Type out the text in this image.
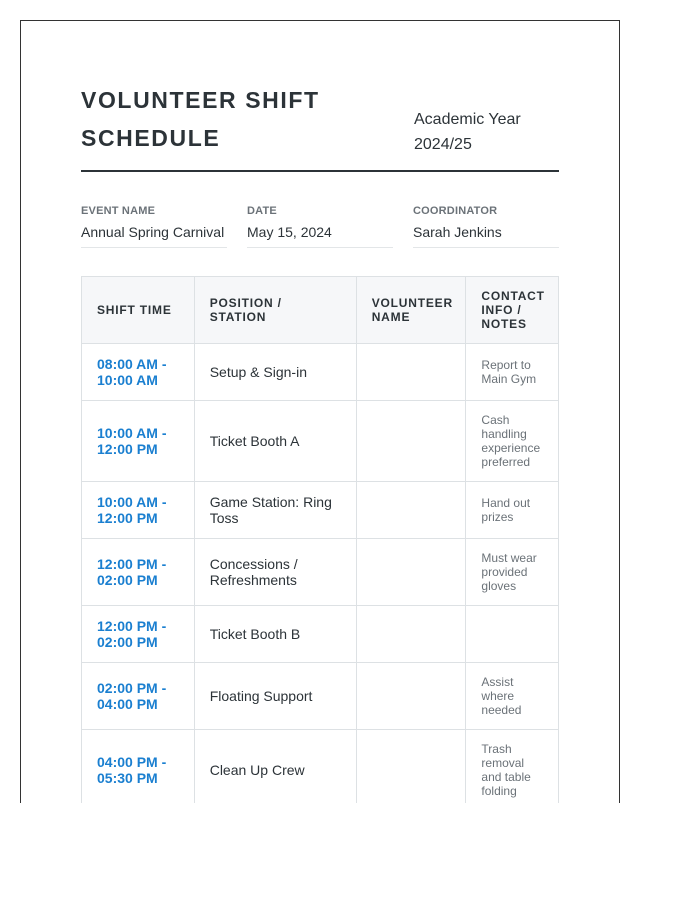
VOLUNTEER SHIFT
SCHEDULE
Academic Year
2024/25
EVENT NAME
Annual Spring Carnival
DATE
May 15, 2024
COORDINATOR
Sarah Jenkins
SHIFT TIME	POSITION / STATION	VOLUNTEER NAME	CONTACT INFO / NOTES
08:00 AM - 10:00 AM	Setup & Sign-in		Report to Main Gym
10:00 AM - 12:00 PM	Ticket Booth A		Cash handling experience preferred
10:00 AM - 12:00 PM	Game Station: Ring Toss		Hand out prizes
12:00 PM - 02:00 PM	Concessions / Refreshments		Must wear provided gloves
12:00 PM - 02:00 PM	Ticket Booth B		
02:00 PM - 04:00 PM	Floating Support		Assist where needed
04:00 PM - 05:30 PM	Clean Up Crew		Trash removal and table folding
